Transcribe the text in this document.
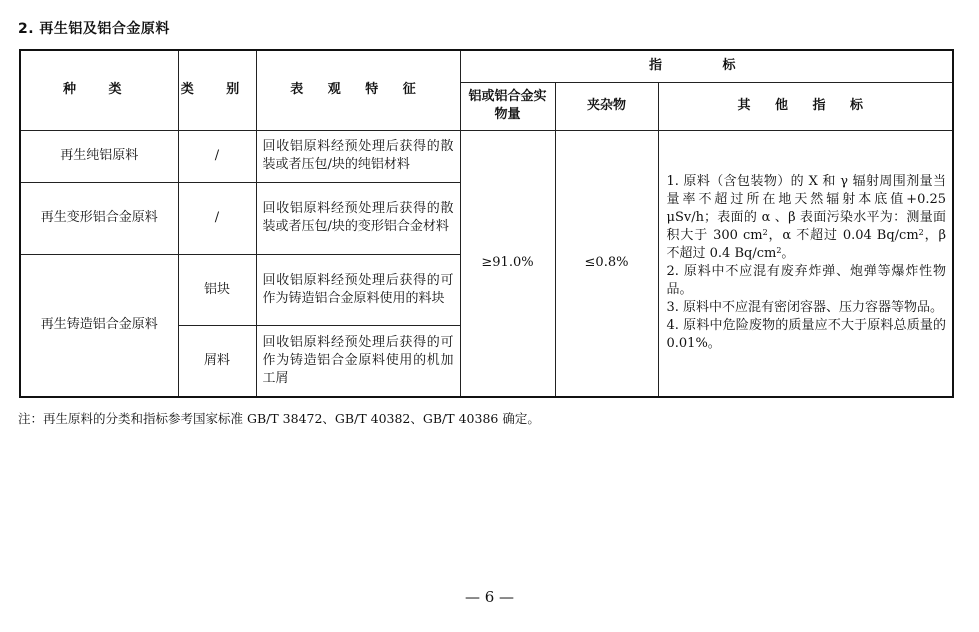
2. 再生铝及铝合金原料
种 类	类 别	表 观 特 征	指 标		
			铝或铝合金实物量	夹杂物	其 他 指 标
再生纯铝原料	/	回收铝原料经预处理后获得的散装或者压包/块的纯铝材料	≥91.0%	≤0.8%	1. 原料（含包装物）的 X 和 γ 辐射周围剂量当量率不超过所在地天然辐射本底值+0.25 μSv/h；表面的 α 、β 表面污染水平为：测量面积大于 300 $cm^2$，α 不超过 0.04 $Bq/cm^2$，β 不超过 0.4 $Bq/cm^2$。

2. 原料中不应混有废弃炸弹、炮弹等爆炸性物品。

3. 原料中不应混有密闭容器、压力容器等物品。

4. 原料中危险废物的质量应不大于原料总质量的 0.01%。

再生变形铝合金原料	/	回收铝原料经预处理后获得的散装或者压包/块的变形铝合金材料			
再生铸造铝合金原料	铝块	回收铝原料经预处理后获得的可作为铸造铝合金原料使用的料块			
	屑料	回收铝原料经预处理后获得的可作为铸造铝合金原料使用的机加工屑			
注：再生原料的分类和指标参考国家标准 GB/T 38472、GB/T 40382、GB/T 40386 确定。
— 6 —
